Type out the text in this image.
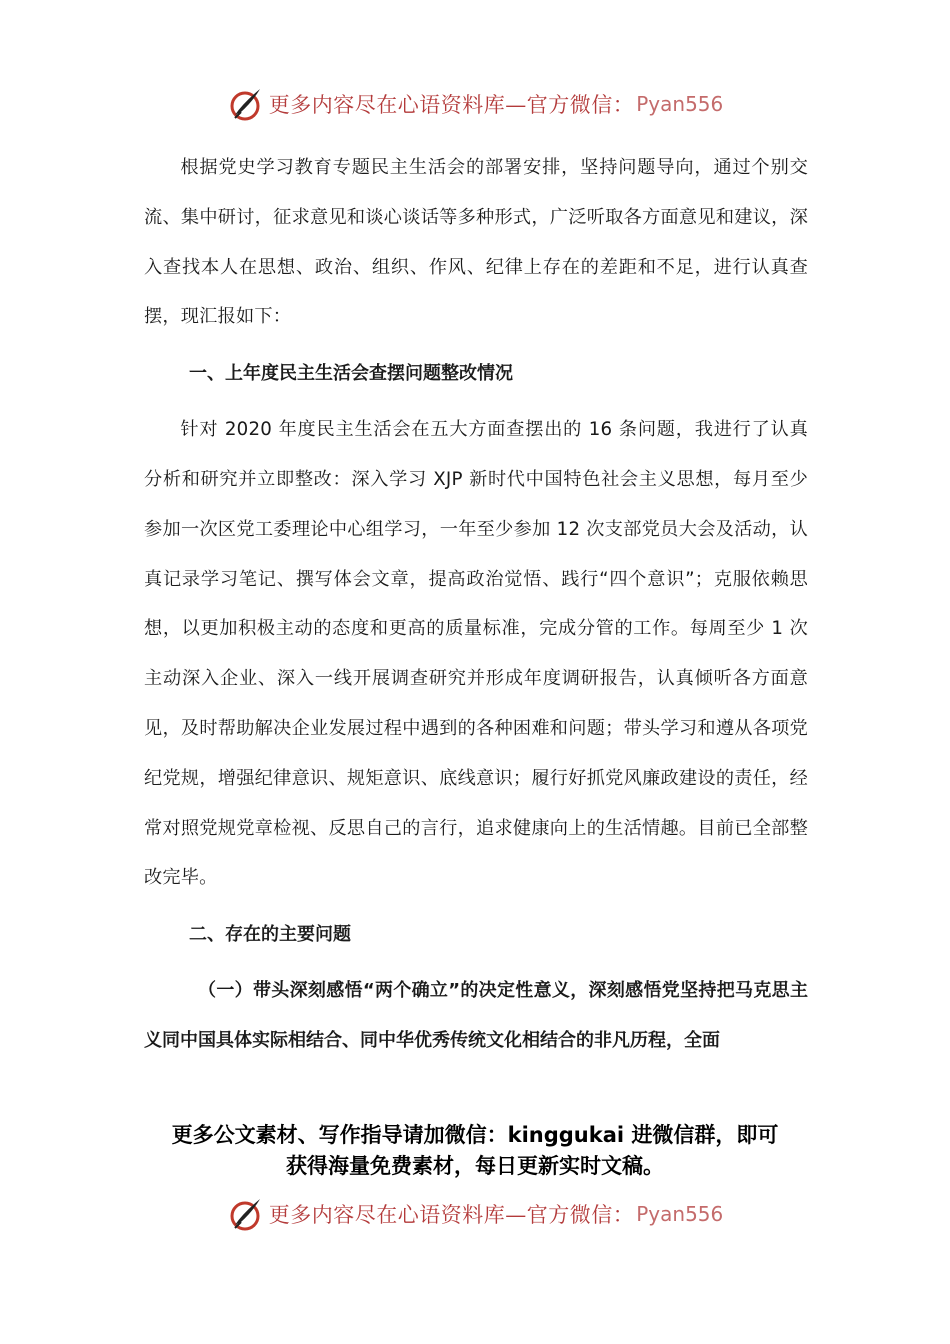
更多内容尽在心语资料库—官方微信： Pyan556

根据党史学习教育专题民主生活会的部署安排，坚持问题导向，通过个别交流、集中研讨，征求意见和谈心谈话等多种形式，广泛听取各方面意见和建议，深入查找本人在思想、政治、组织、作风、纪律上存在的差距和不足，进行认真查摆，现汇报如下：

一、上年度民主生活会查摆问题整改情况

针对 2020 年度民主生活会在五大方面查摆出的 16 条问题，我进行了认真分析和研究并立即整改：深入学习 XJP 新时代中国特色社会主义思想，每月至少参加一次区党工委理论中心组学习，一年至少参加 12 次支部党员大会及活动，认真记录学习笔记、撰写体会文章，提高政治觉悟、践行“四个意识”；克服依赖思想，以更加积极主动的态度和更高的质量标准，完成分管的工作。每周至少 1 次主动深入企业、深入一线开展调查研究并形成年度调研报告，认真倾听各方面意见，及时帮助解决企业发展过程中遇到的各种困难和问题；带头学习和遵从各项党纪党规，增强纪律意识、规矩意识、底线意识；履行好抓党风廉政建设的责任，经常对照党规党章检视、反思自己的言行，追求健康向上的生活情趣。目前已全部整改完毕。

二、存在的主要问题

（一）带头深刻感悟“两个确立”的决定性意义，深刻感悟党坚持把马克思主义同中国具体实际相结合、同中华优秀传统文化相结合的非凡历程，全面

更多公文素材、写作指导请加微信：kinggukai 进微信群，即可
获得海量免费素材，每日更新实时文稿。
更多内容尽在心语资料库—官方微信： Pyan556
